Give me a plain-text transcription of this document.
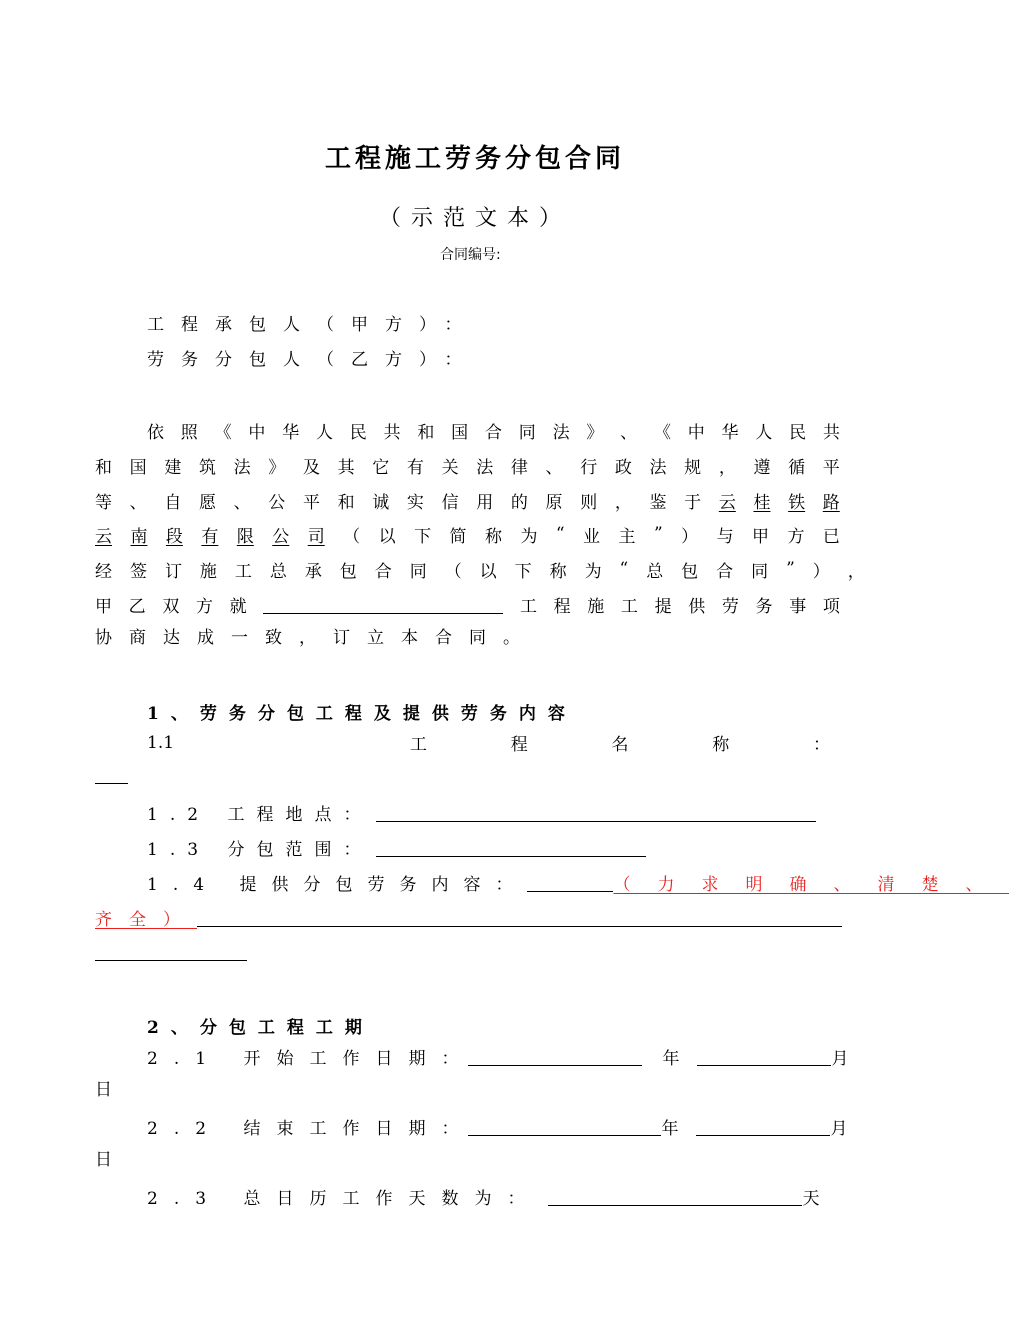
工程施工劳务分包合同
（示范文本）
合同编号:
工程承包人（甲方）：
劳务分包人（乙方）：
依 照 《 中 华 人 民 共 和 国 合 同 法 》 、 《 中 华 人 民 共
和 国 建 筑 法 》 及 其 它 有 关 法 律 、 行 政 法 规 ， 遵 循 平
等 、 自 愿 、 公 平 和 诚 实 信 用 的 原 则 ， 鉴 于 云 桂 铁 路
云 南 段 有 限 公 司 （ 以 下 简 称 为 “ 业 主 ” ） 与 甲 方 已
经 签 订 施 工 总 承 包 合 同 （ 以 下 称 为 “ 总 包 合 同 ” ） ，
甲 乙 双 方 就	工 程 施 工 提 供 劳 务 事 项
协商达成一致，订立本合同。
1、劳务分包工程及提供劳务内容
1.1	工	程	名	称	：
1.2 工程地点：
1.3 分包范围：
1.4 提供分包劳务内容：	（力求明确、清楚、
齐全）
2、分包工程工期
2.1 开始工作日期：	年	月
日
2.2 结束工作日期：	年	月
日
2.3 总日历工作天数为：	天
